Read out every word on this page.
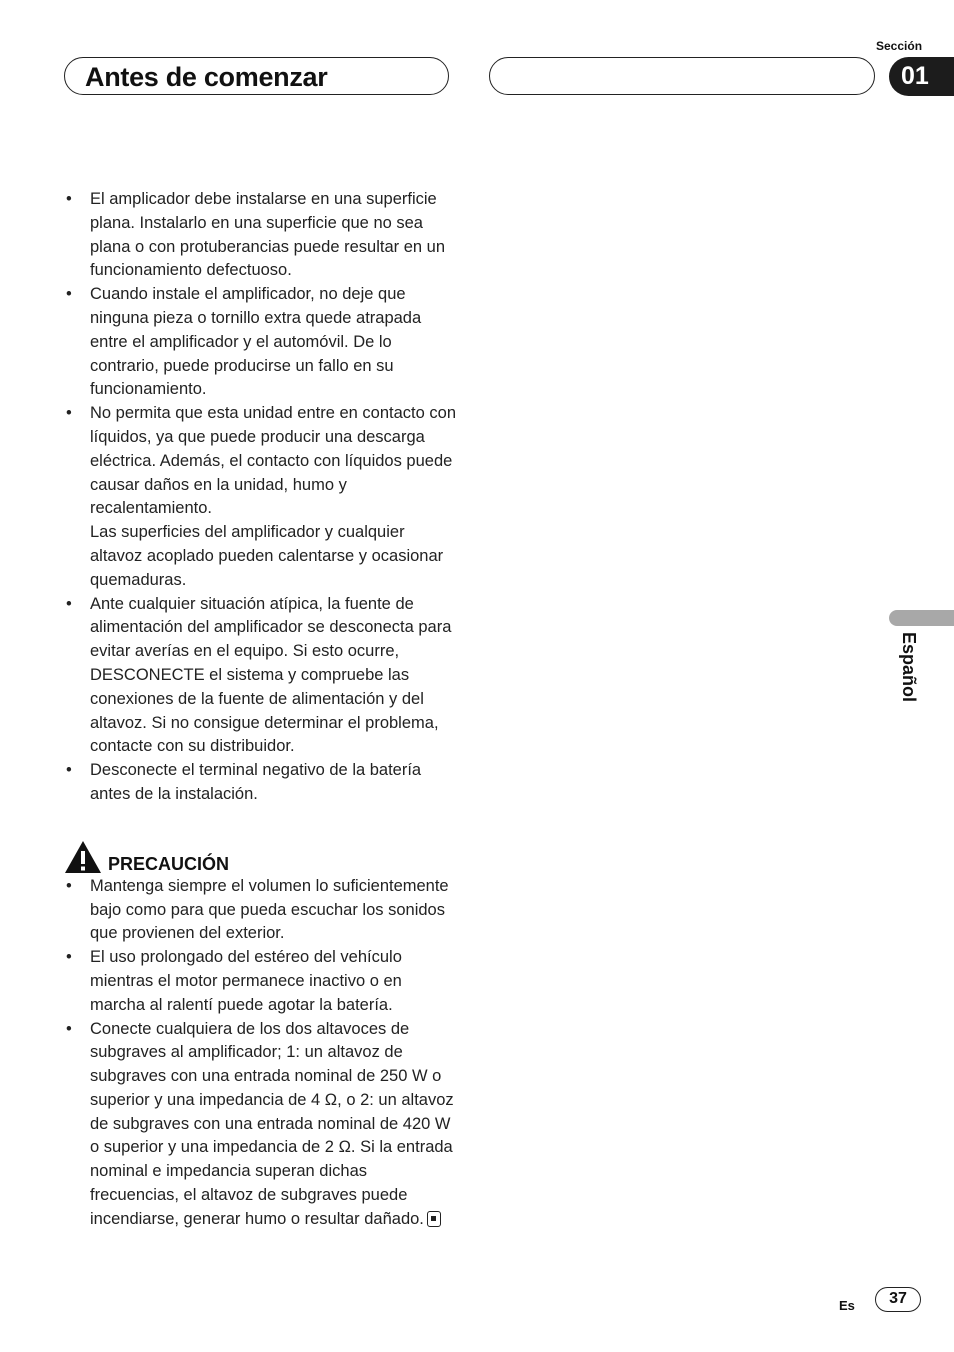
Antes de comenzar
Sección
01
Español
• El amplicador debe instalarse en una superficie plana. Instalarlo en una superficie que no sea plana o con protuberancias puede resultar en un funcionamiento defectuoso.
• Cuando instale el amplificador, no deje que ninguna pieza o tornillo extra quede atrapada entre el amplificador y el automóvil. De lo contrario, puede producirse un fallo en su funcionamiento.
• No permita que esta unidad entre en contacto con líquidos, ya que puede producir una descarga eléctrica. Además, el contacto con líquidos puede causar daños en la unidad, humo y recalentamiento.
Las superficies del amplificador y cualquier altavoz acoplado pueden calentarse y ocasionar quemaduras.
• Ante cualquier situación atípica, la fuente de alimentación del amplificador se desconecta para evitar averías en el equipo. Si esto ocurre, DESCONECTE el sistema y compruebe las conexiones de la fuente de alimentación y del altavoz. Si no consigue determinar el problema, contacte con su distribuidor.
• Desconecte el terminal negativo de la batería antes de la instalación.
PRECAUCIÓN
• Mantenga siempre el volumen lo suficientemente bajo como para que pueda escuchar los sonidos que provienen del exterior.
• El uso prolongado del estéreo del vehículo mientras el motor permanece inactivo o en marcha al ralentí puede agotar la batería.
• Conecte cualquiera de los dos altavoces de subgraves al amplificador; 1: un altavoz de subgraves con una entrada nominal de 250 W o superior y una impedancia de 4 Ω, o 2: un altavoz de subgraves con una entrada nominal de 420 W o superior y una impedancia de 2 Ω. Si la entrada nominal e impedancia superan dichas frecuencias, el altavoz de subgraves puede incendiarse, generar humo o resultar dañado.
Es	37
